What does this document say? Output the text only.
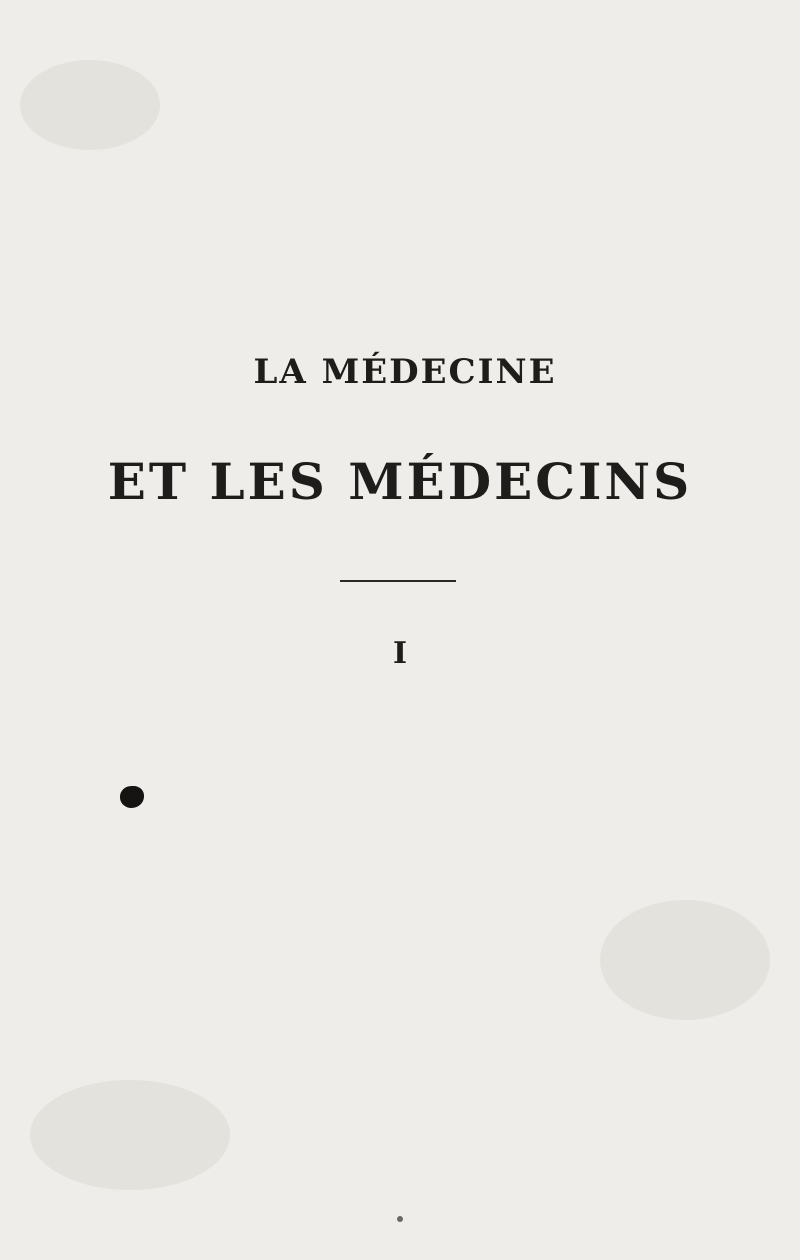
LA MÉDECINE
ET LES MÉDECINS
I
